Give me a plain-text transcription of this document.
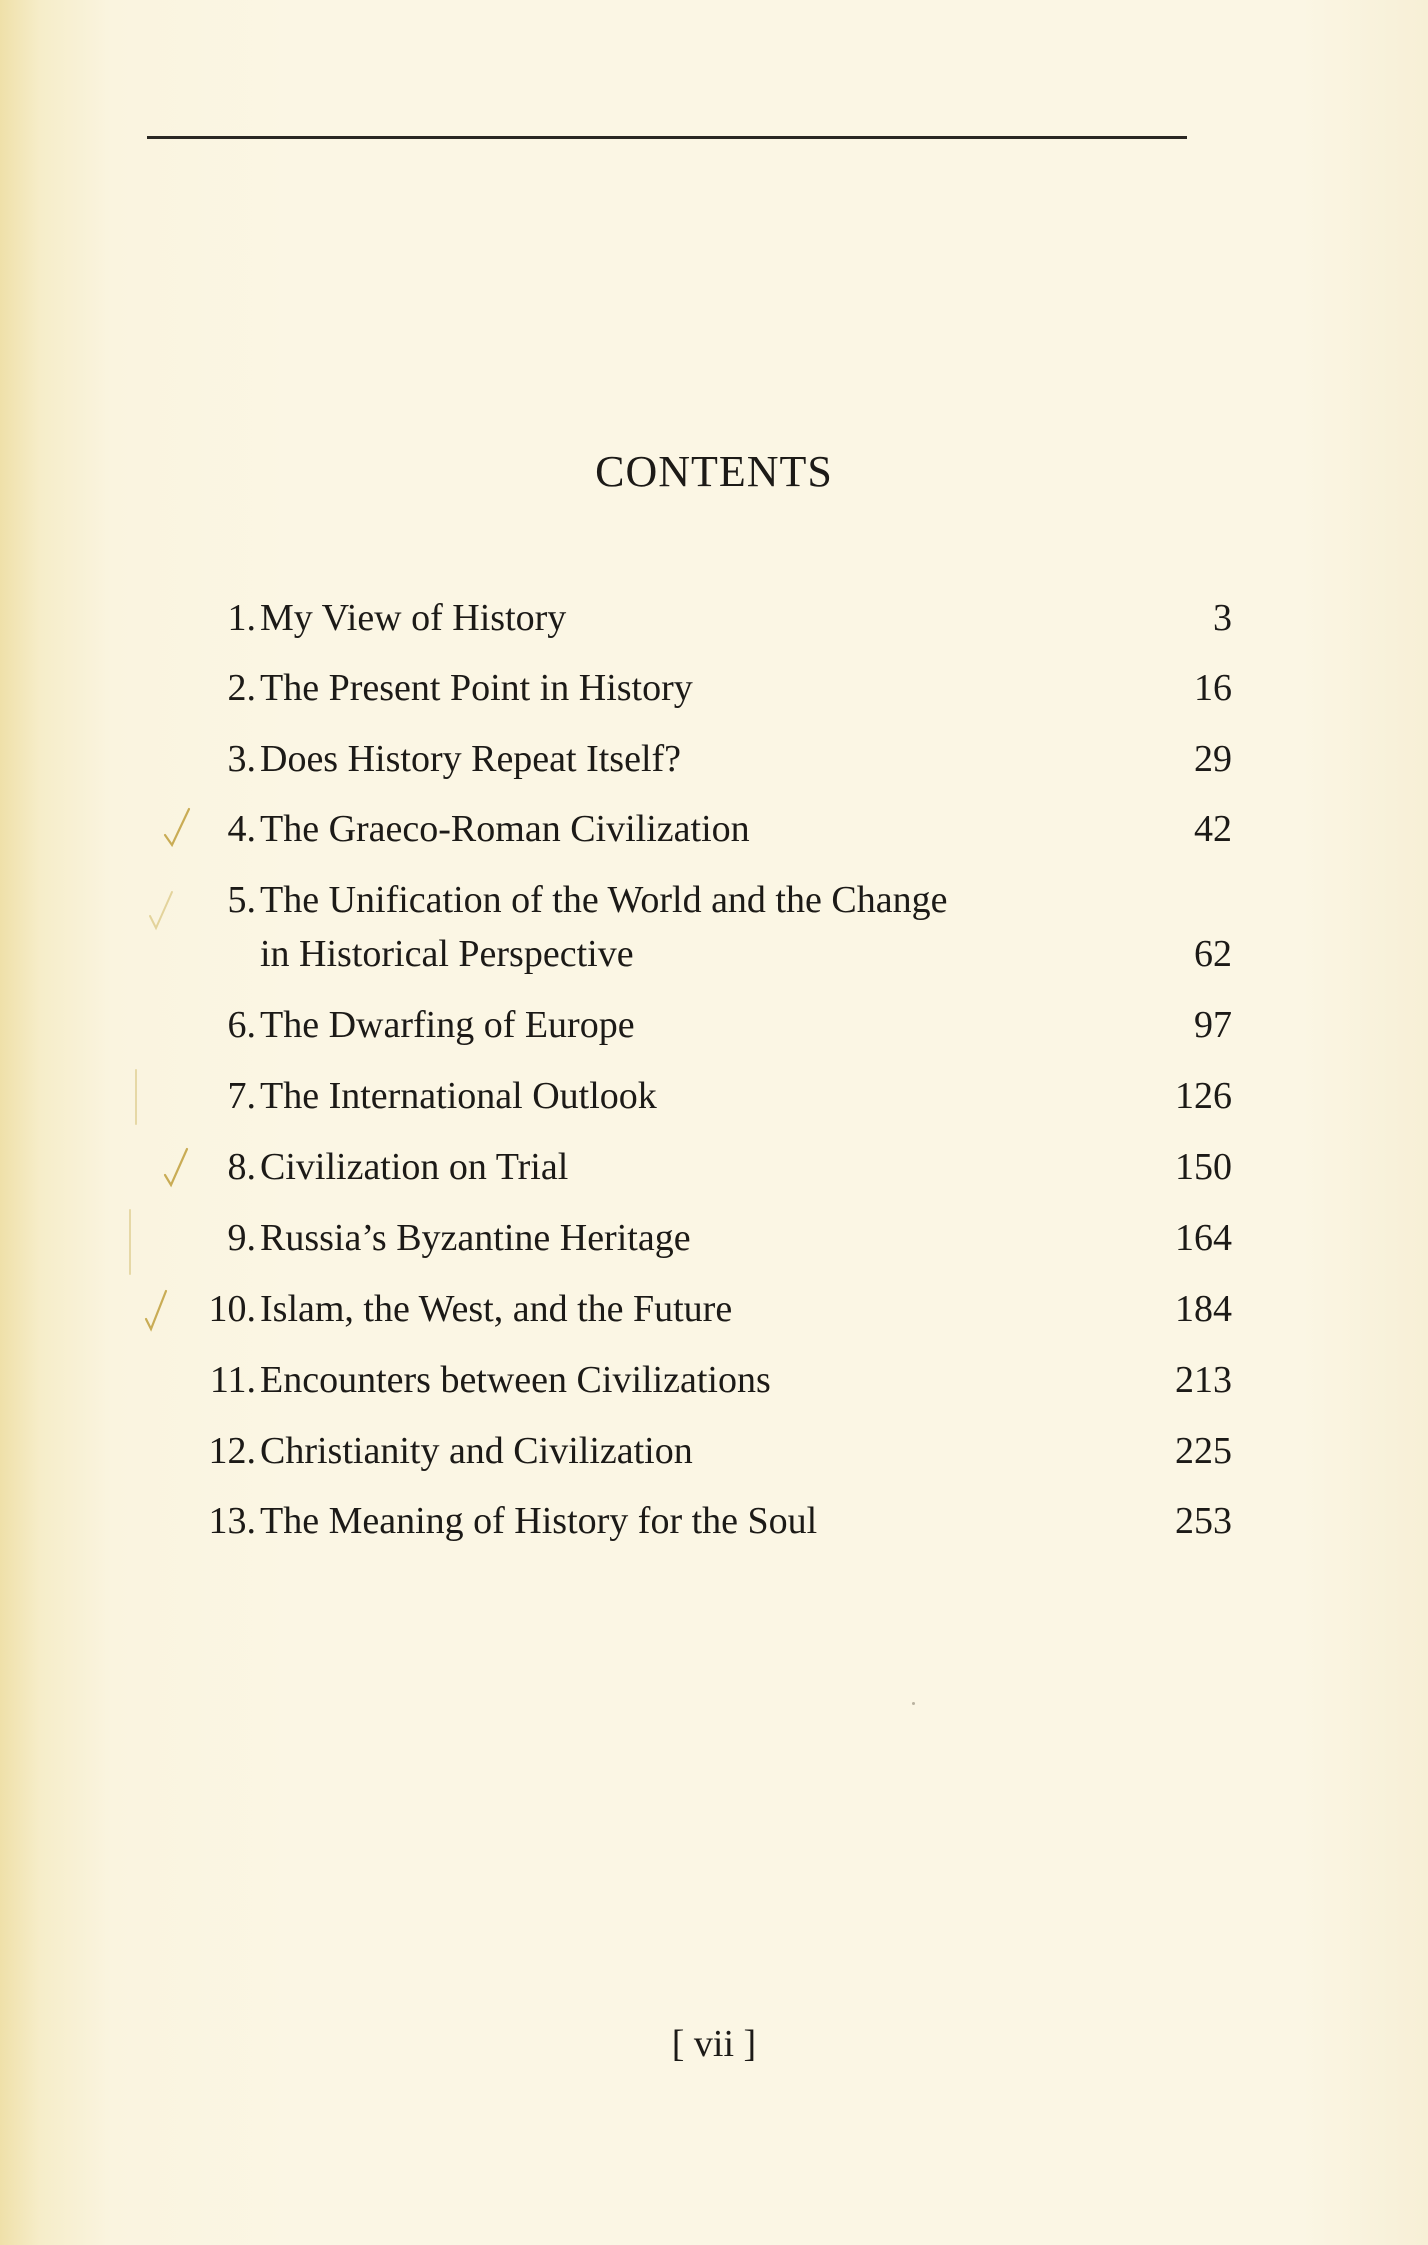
CONTENTS
1. My View of History	3
2. The Present Point in History	16
3. Does History Repeat Itself?	29
4. The Graeco-Roman Civilization	42
5. The Unification of the World and the Change
in Historical Perspective	62
6. The Dwarfing of Europe	97
7. The International Outlook	126
8. Civilization on Trial	150
9. Russia’s Byzantine Heritage	164
10. Islam, the West, and the Future	184
11. Encounters between Civilizations	213
12. Christianity and Civilization	225
13. The Meaning of History for the Soul	253
[ vii ]
